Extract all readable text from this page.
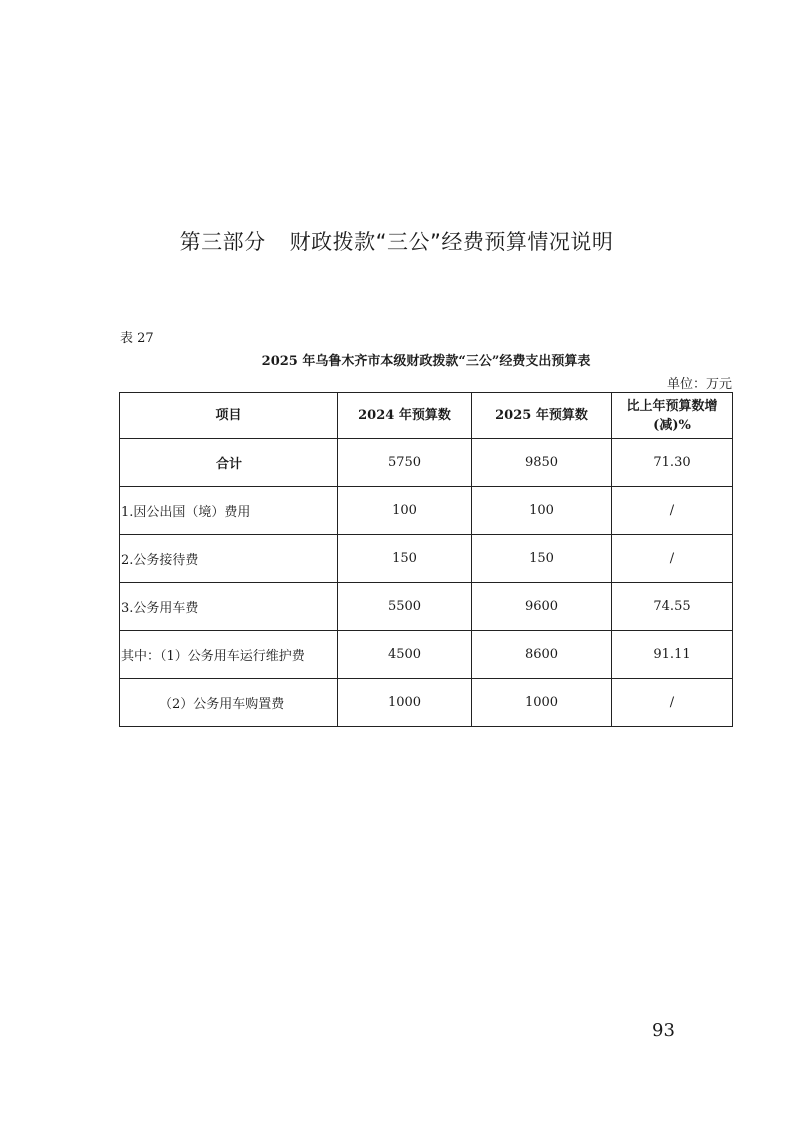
第三部分 财政拨款“三公”经费预算情况说明
表 27
2025 年乌鲁木齐市本级财政拨款“三公”经费支出预算表
单位：万元
项目	2024 年预算数	2025 年预算数	比上年预算数增
(减)%
合计	5750	9850	71.30
1.因公出国（境）费用	100	100	/
2.公务接待费	150	150	/
3.公务用车费	5500	9600	74.55
其中：（1）公务用车运行维护费	4500	8600	91.11
（2）公务用车购置费	1000	1000	/
93
